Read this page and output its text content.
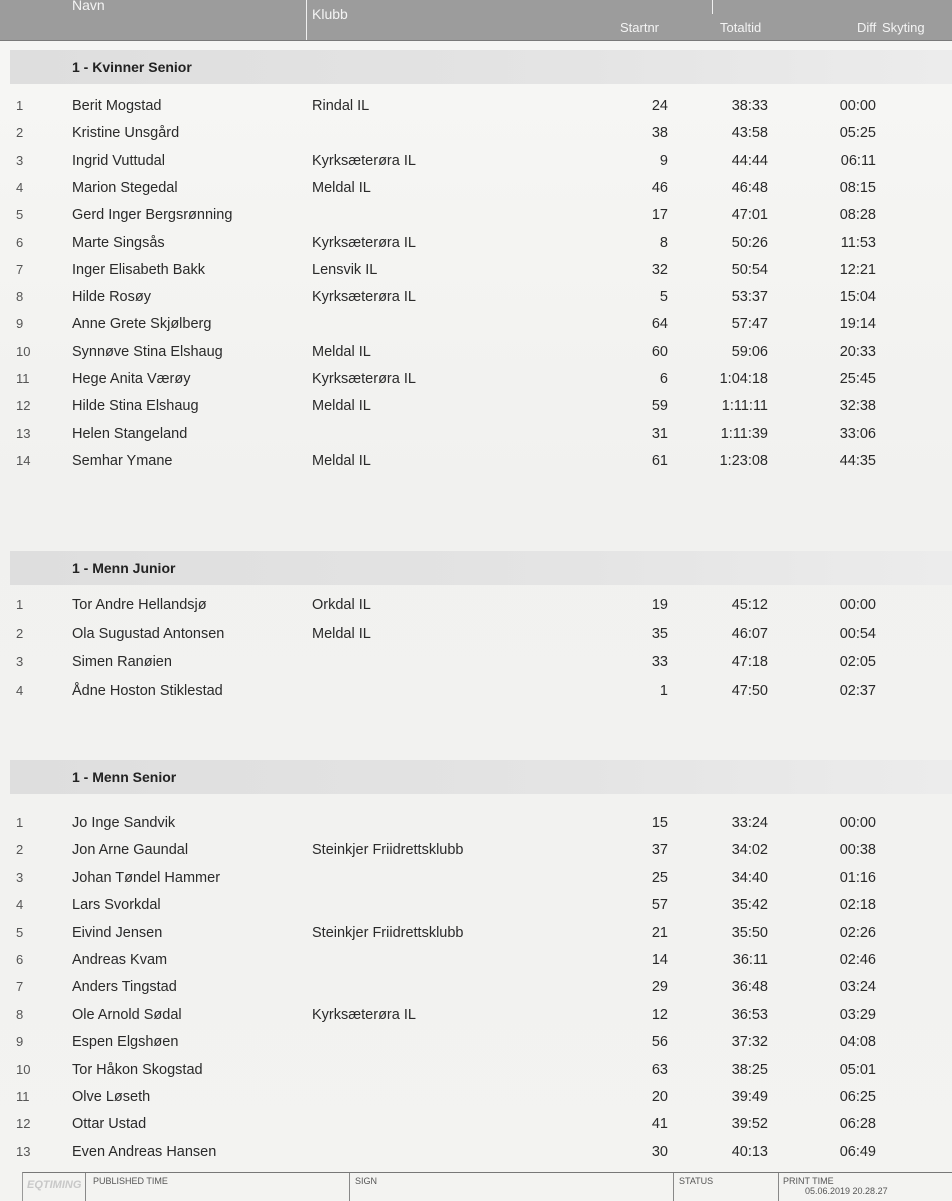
Navn
Klubb
Startnr	Totaltid	Diff Skyting
1 - Kvinner Senior
1	Berit Mogstad	Rindal IL	24	38:33	00:00
2	Kristine Unsgård	38	43:58	05:25
3	Ingrid Vuttudal	Kyrksæterøra IL	9	44:44	06:11
4	Marion Stegedal	Meldal IL	46	46:48	08:15
5	Gerd Inger Bergsrønning	17	47:01	08:28
6	Marte Singsås	Kyrksæterøra IL	8	50:26	11:53
7	Inger Elisabeth Bakk	Lensvik IL	32	50:54	12:21
8	Hilde Rosøy	Kyrksæterøra IL	5	53:37	15:04
9	Anne Grete Skjølberg	64	57:47	19:14
10	Synnøve Stina Elshaug	Meldal IL	60	59:06	20:33
11	Hege Anita Værøy	Kyrksæterøra IL	6	1:04:18	25:45
12	Hilde Stina Elshaug	Meldal IL	59	1:11:11	32:38
13	Helen Stangeland	31	1:11:39	33:06
14	Semhar Ymane	Meldal IL	61	1:23:08	44:35
1 - Menn Junior
1	Tor Andre Hellandsjø	Orkdal IL	19	45:12	00:00
2	Ola Sugustad Antonsen	Meldal IL	35	46:07	00:54
3	Simen Ranøien	33	47:18	02:05
4	Ådne Hoston Stiklestad	1	47:50	02:37
1 - Menn Senior
1	Jo Inge Sandvik	15	33:24	00:00
2	Jon Arne Gaundal	Steinkjer Friidrettsklubb	37	34:02	00:38
3	Johan Tøndel Hammer	25	34:40	01:16
4	Lars Svorkdal	57	35:42	02:18
5	Eivind Jensen	Steinkjer Friidrettsklubb	21	35:50	02:26
6	Andreas Kvam	14	36:11	02:46
7	Anders Tingstad	29	36:48	03:24
8	Ole Arnold Sødal	Kyrksæterøra IL	12	36:53	03:29
9	Espen Elgshøen	56	37:32	04:08
10	Tor Håkon Skogstad	63	38:25	05:01
11	Olve Løseth	20	39:49	06:25
12	Ottar Ustad	41	39:52	06:28
13	Even Andreas Hansen	30	40:13	06:49
EQTIMING PUBLISHED TIME	SIGN	STATUS	PRINT TIME
05.06.2019 20.28.27
